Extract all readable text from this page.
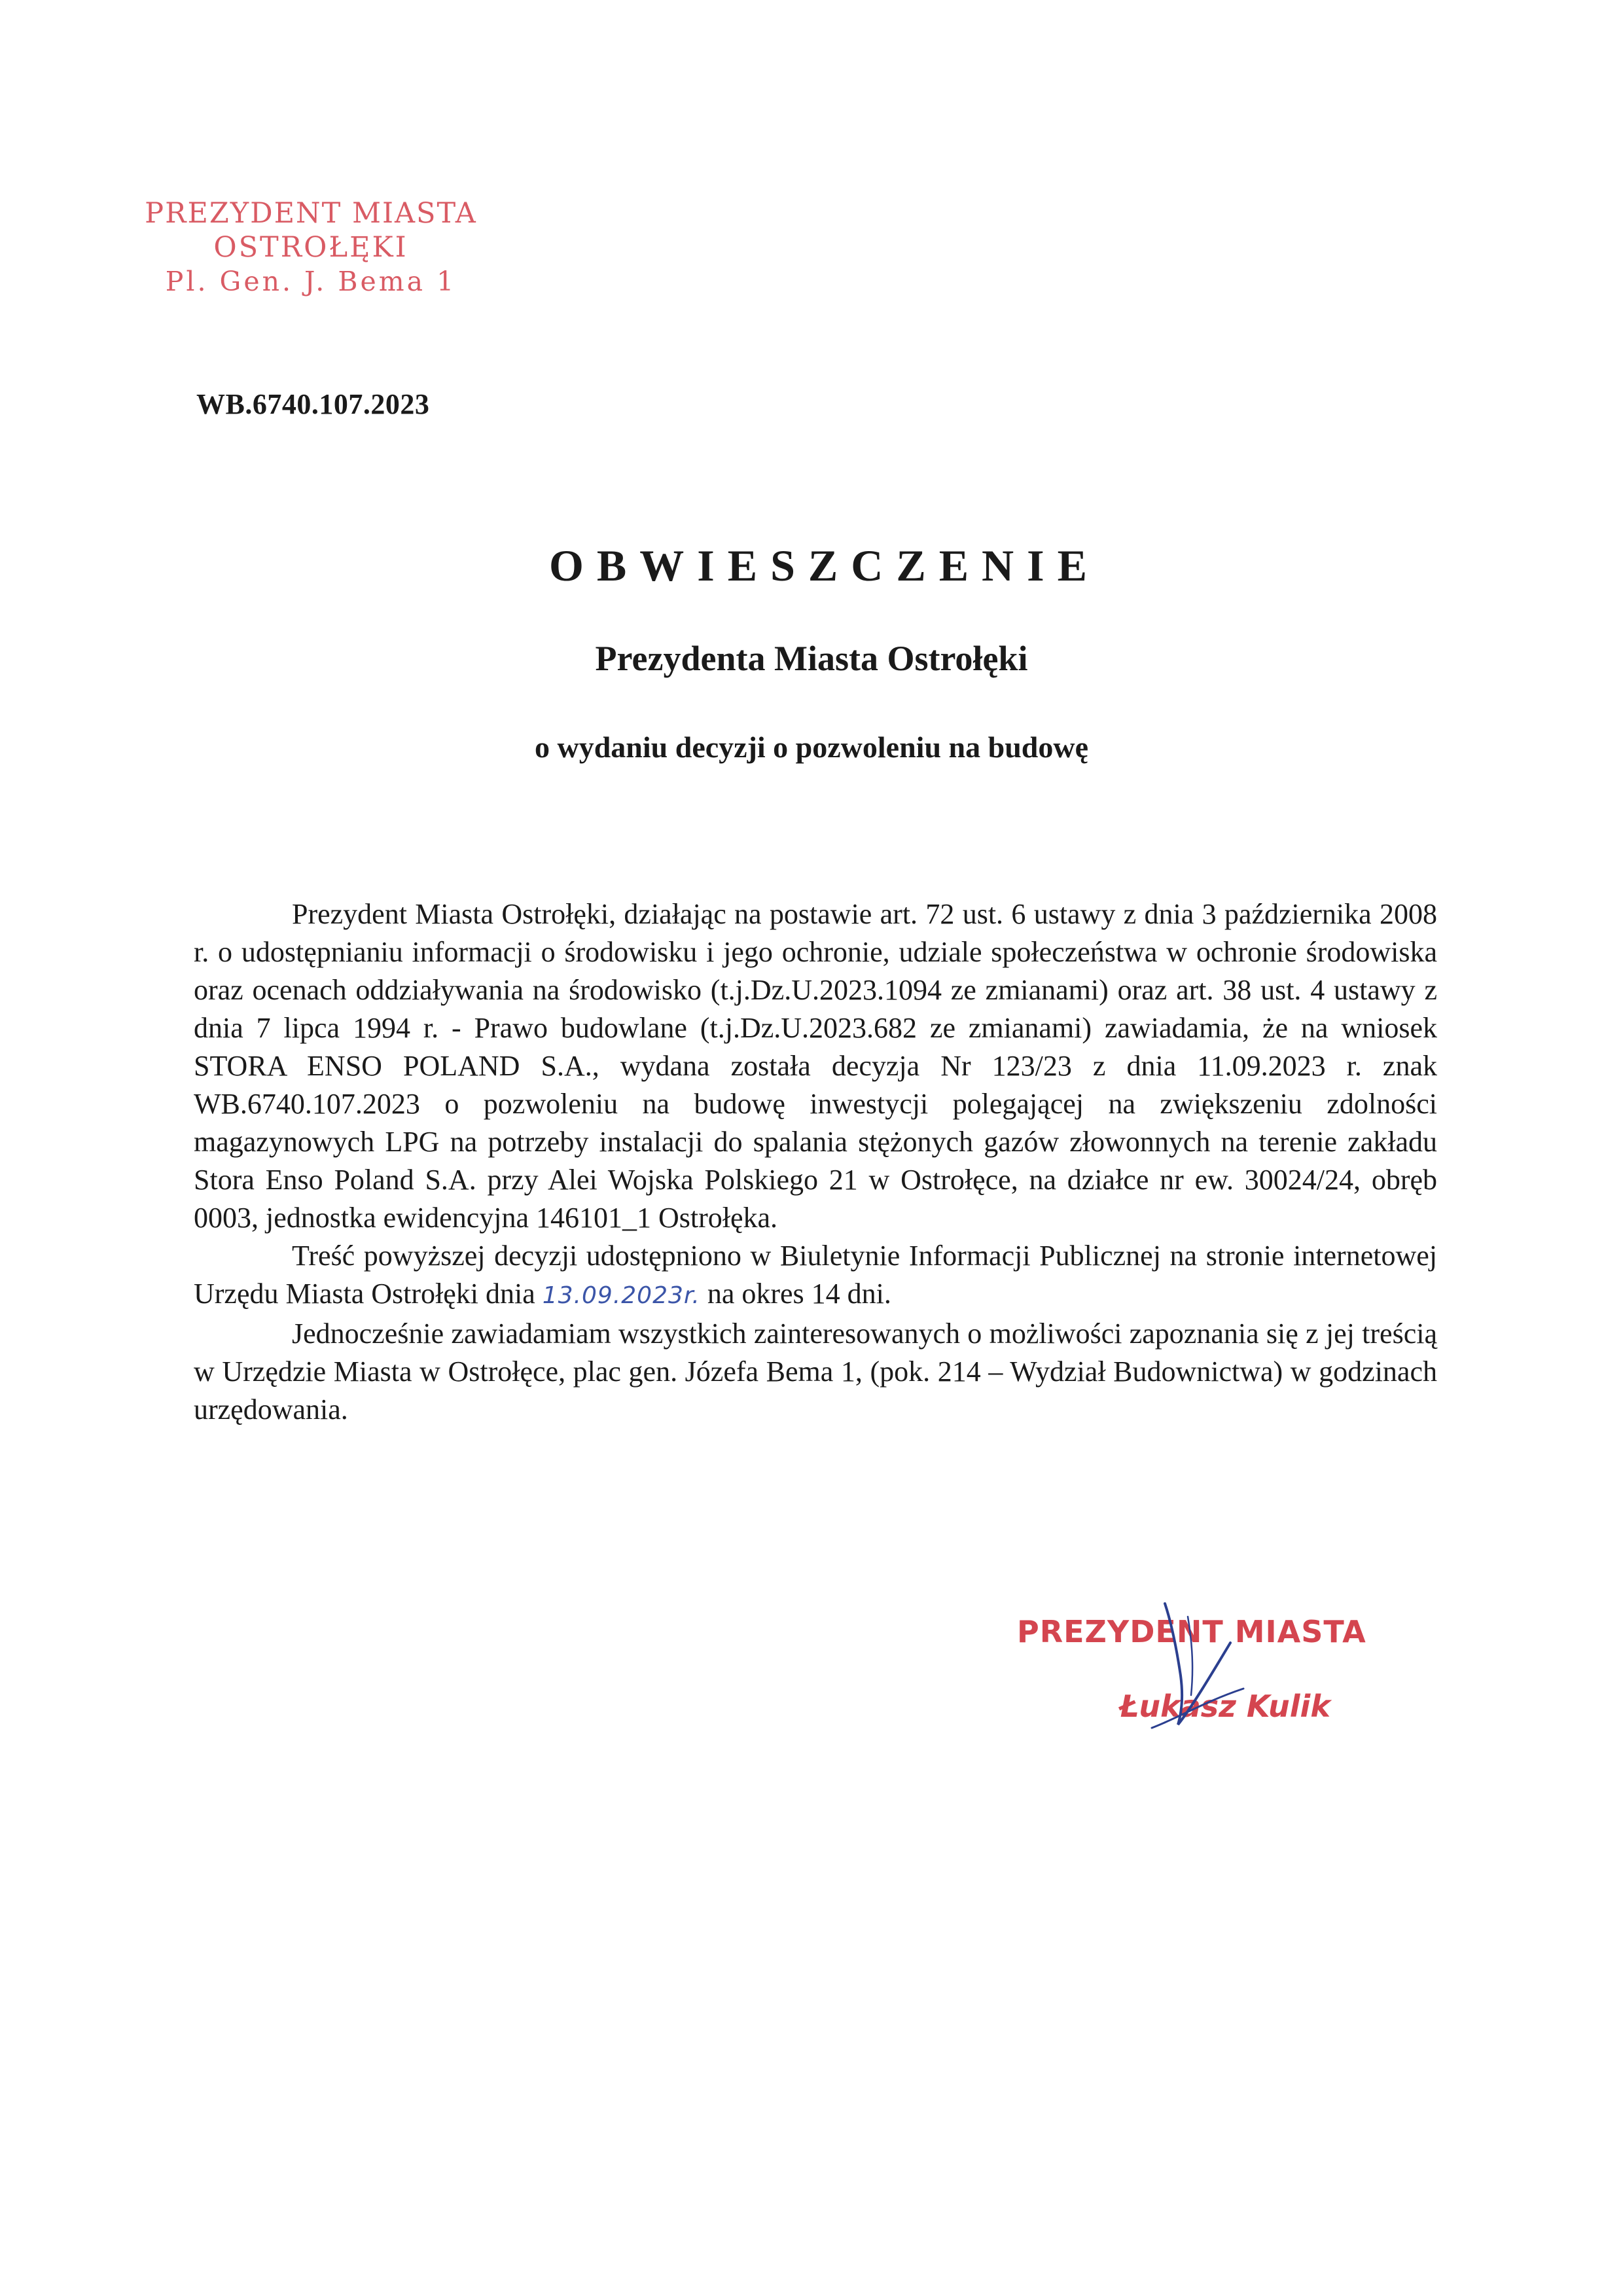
PREZYDENT MIASTA
OSTROŁĘKI
Pl. Gen. J. Bema 1
WB.6740.107.2023
OBWIESZCZENIE
Prezydenta Miasta Ostrołęki
o wydaniu decyzji o pozwoleniu na budowę

Prezydent Miasta Ostrołęki, działając na postawie art. 72 ust. 6 ustawy z dnia 3 października 2008 r. o udostępnianiu informacji o środowisku i jego ochronie, udziale społeczeństwa w ochronie środowiska oraz ocenach oddziaływania na środowisko (t.j.Dz.U.2023.1094 ze zmianami) oraz art. 38 ust. 4 ustawy z dnia 7 lipca 1994 r. - Prawo budowlane (t.j.Dz.U.2023.682 ze zmianami) zawiadamia, że na wniosek STORA ENSO POLAND S.A., wydana została decyzja Nr 123/23 z dnia 11.09.2023 r. znak WB.6740.107.2023 o pozwoleniu na budowę inwestycji polegającej na zwiększeniu zdolności magazynowych LPG na potrzeby instalacji do spalania stężonych gazów złowonnych na terenie zakładu Stora Enso Poland S.A. przy Alei Wojska Polskiego 21 w Ostrołęce, na działce nr ew. 30024/24, obręb 0003, jednostka ewidencyjna 146101_1 Ostrołęka.

Treść powyższej decyzji udostępniono w Biuletynie Informacji Publicznej na stronie internetowej Urzędu Miasta Ostrołęki dnia 13.09.2023r. na okres 14 dni.

Jednocześnie zawiadamiam wszystkich zainteresowanych o możliwości zapoznania się z jej treścią w Urzędzie Miasta w Ostrołęce, plac gen. Józefa Bema 1, (pok. 214 – Wydział Budownictwa) w godzinach urzędowania.

PREZYDENT MIASTA
Łukasz Kulik
